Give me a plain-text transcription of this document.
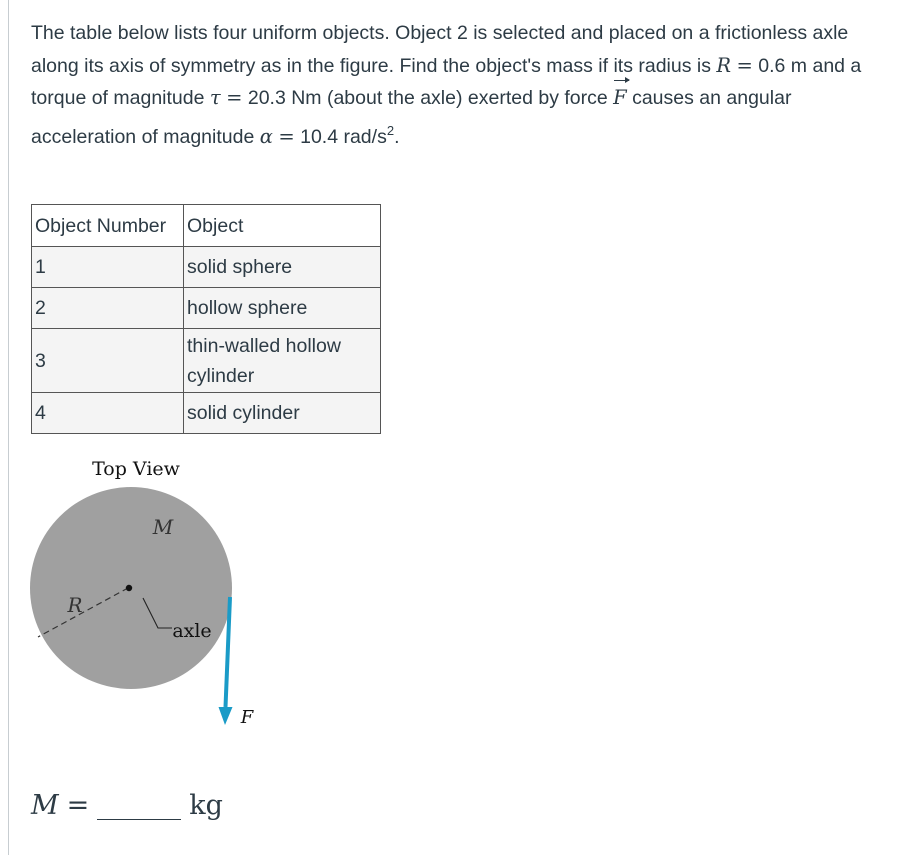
The table below lists four uniform objects. Object 2 is selected and placed on a frictionless axle
along its axis of symmetry as in the figure. Find the object's mass if its radius is R = 0.6 m and a
torque of magnitude τ = 20.3 Nm (about the axle) exerted by force F causes an angular
acceleration of magnitude α = 10.4 rad/$s^2$.
Object Number	Object
1	solid sphere
2	hollow sphere
3	thin-walled hollow
cylinder
4	solid cylinder
Top View
M
R
axle
F
M =	kg
